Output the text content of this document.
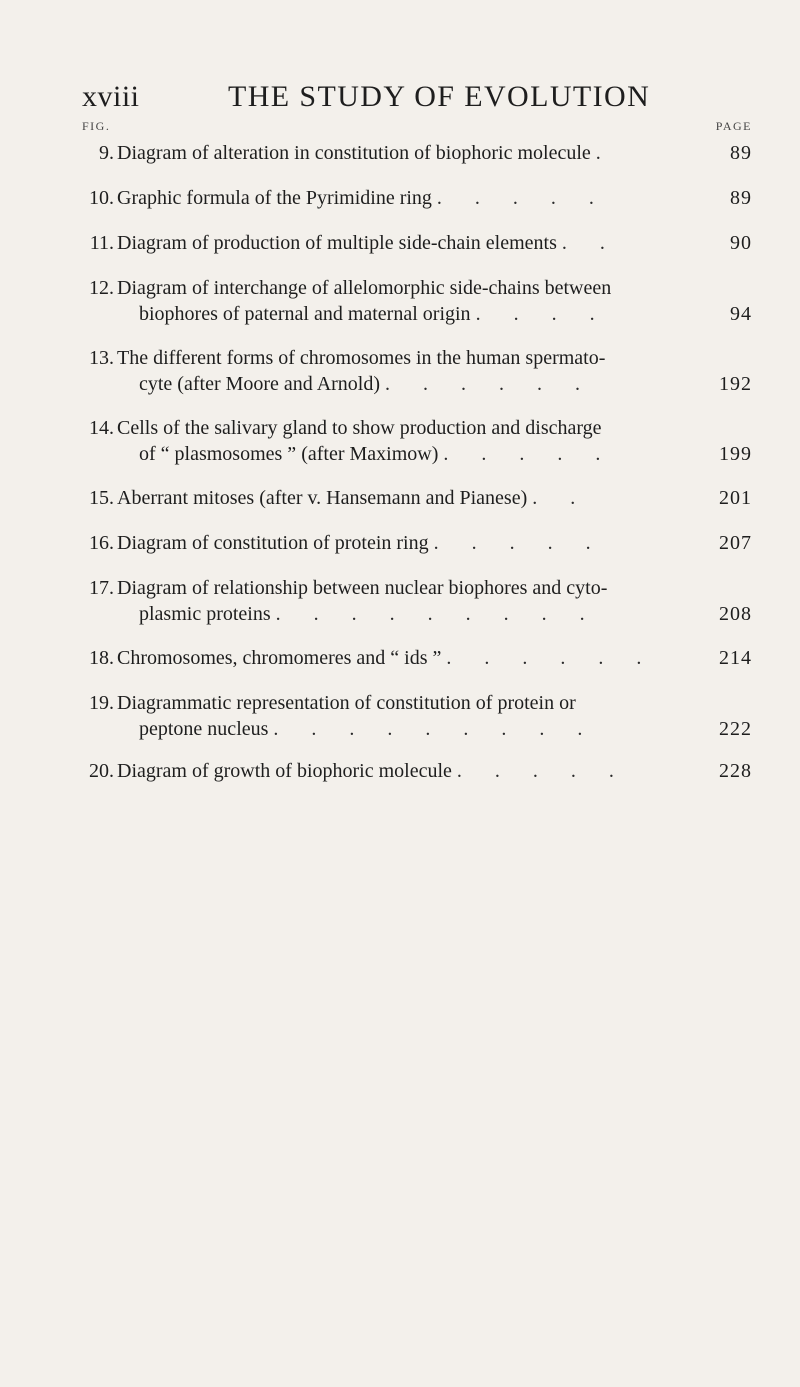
xviii	THE STUDY OF EVOLUTION
FIG.	PAGE
9. Diagram of alteration in constitution of biophoric molecule .	89
10. Graphic formula of the Pyrimidine ring . . . . .	89
11. Diagram of production of multiple side-chain elements . .	90
12. Diagram of interchange of allelomorphic side-chains between
biophores of paternal and maternal origin . . . .	94
13. The different forms of chromosomes in the human spermato-
cyte (after Moore and Arnold) . . . . . .	192
14. Cells of the salivary gland to show production and discharge
of “ plasmosomes ” (after Maximow) . . . . .	199
15. Aberrant mitoses (after v. Hansemann and Pianese) . .	201
16. Diagram of constitution of protein ring . . . . .	207
17. Diagram of relationship between nuclear biophores and cyto-
plasmic proteins . . . . . . . . .	208
18. Chromosomes, chromomeres and “ ids ” . . . . . .	214
19. Diagrammatic representation of constitution of protein or
peptone nucleus . . . . . . . . .	222
20. Diagram of growth of biophoric molecule . . . . .	228
